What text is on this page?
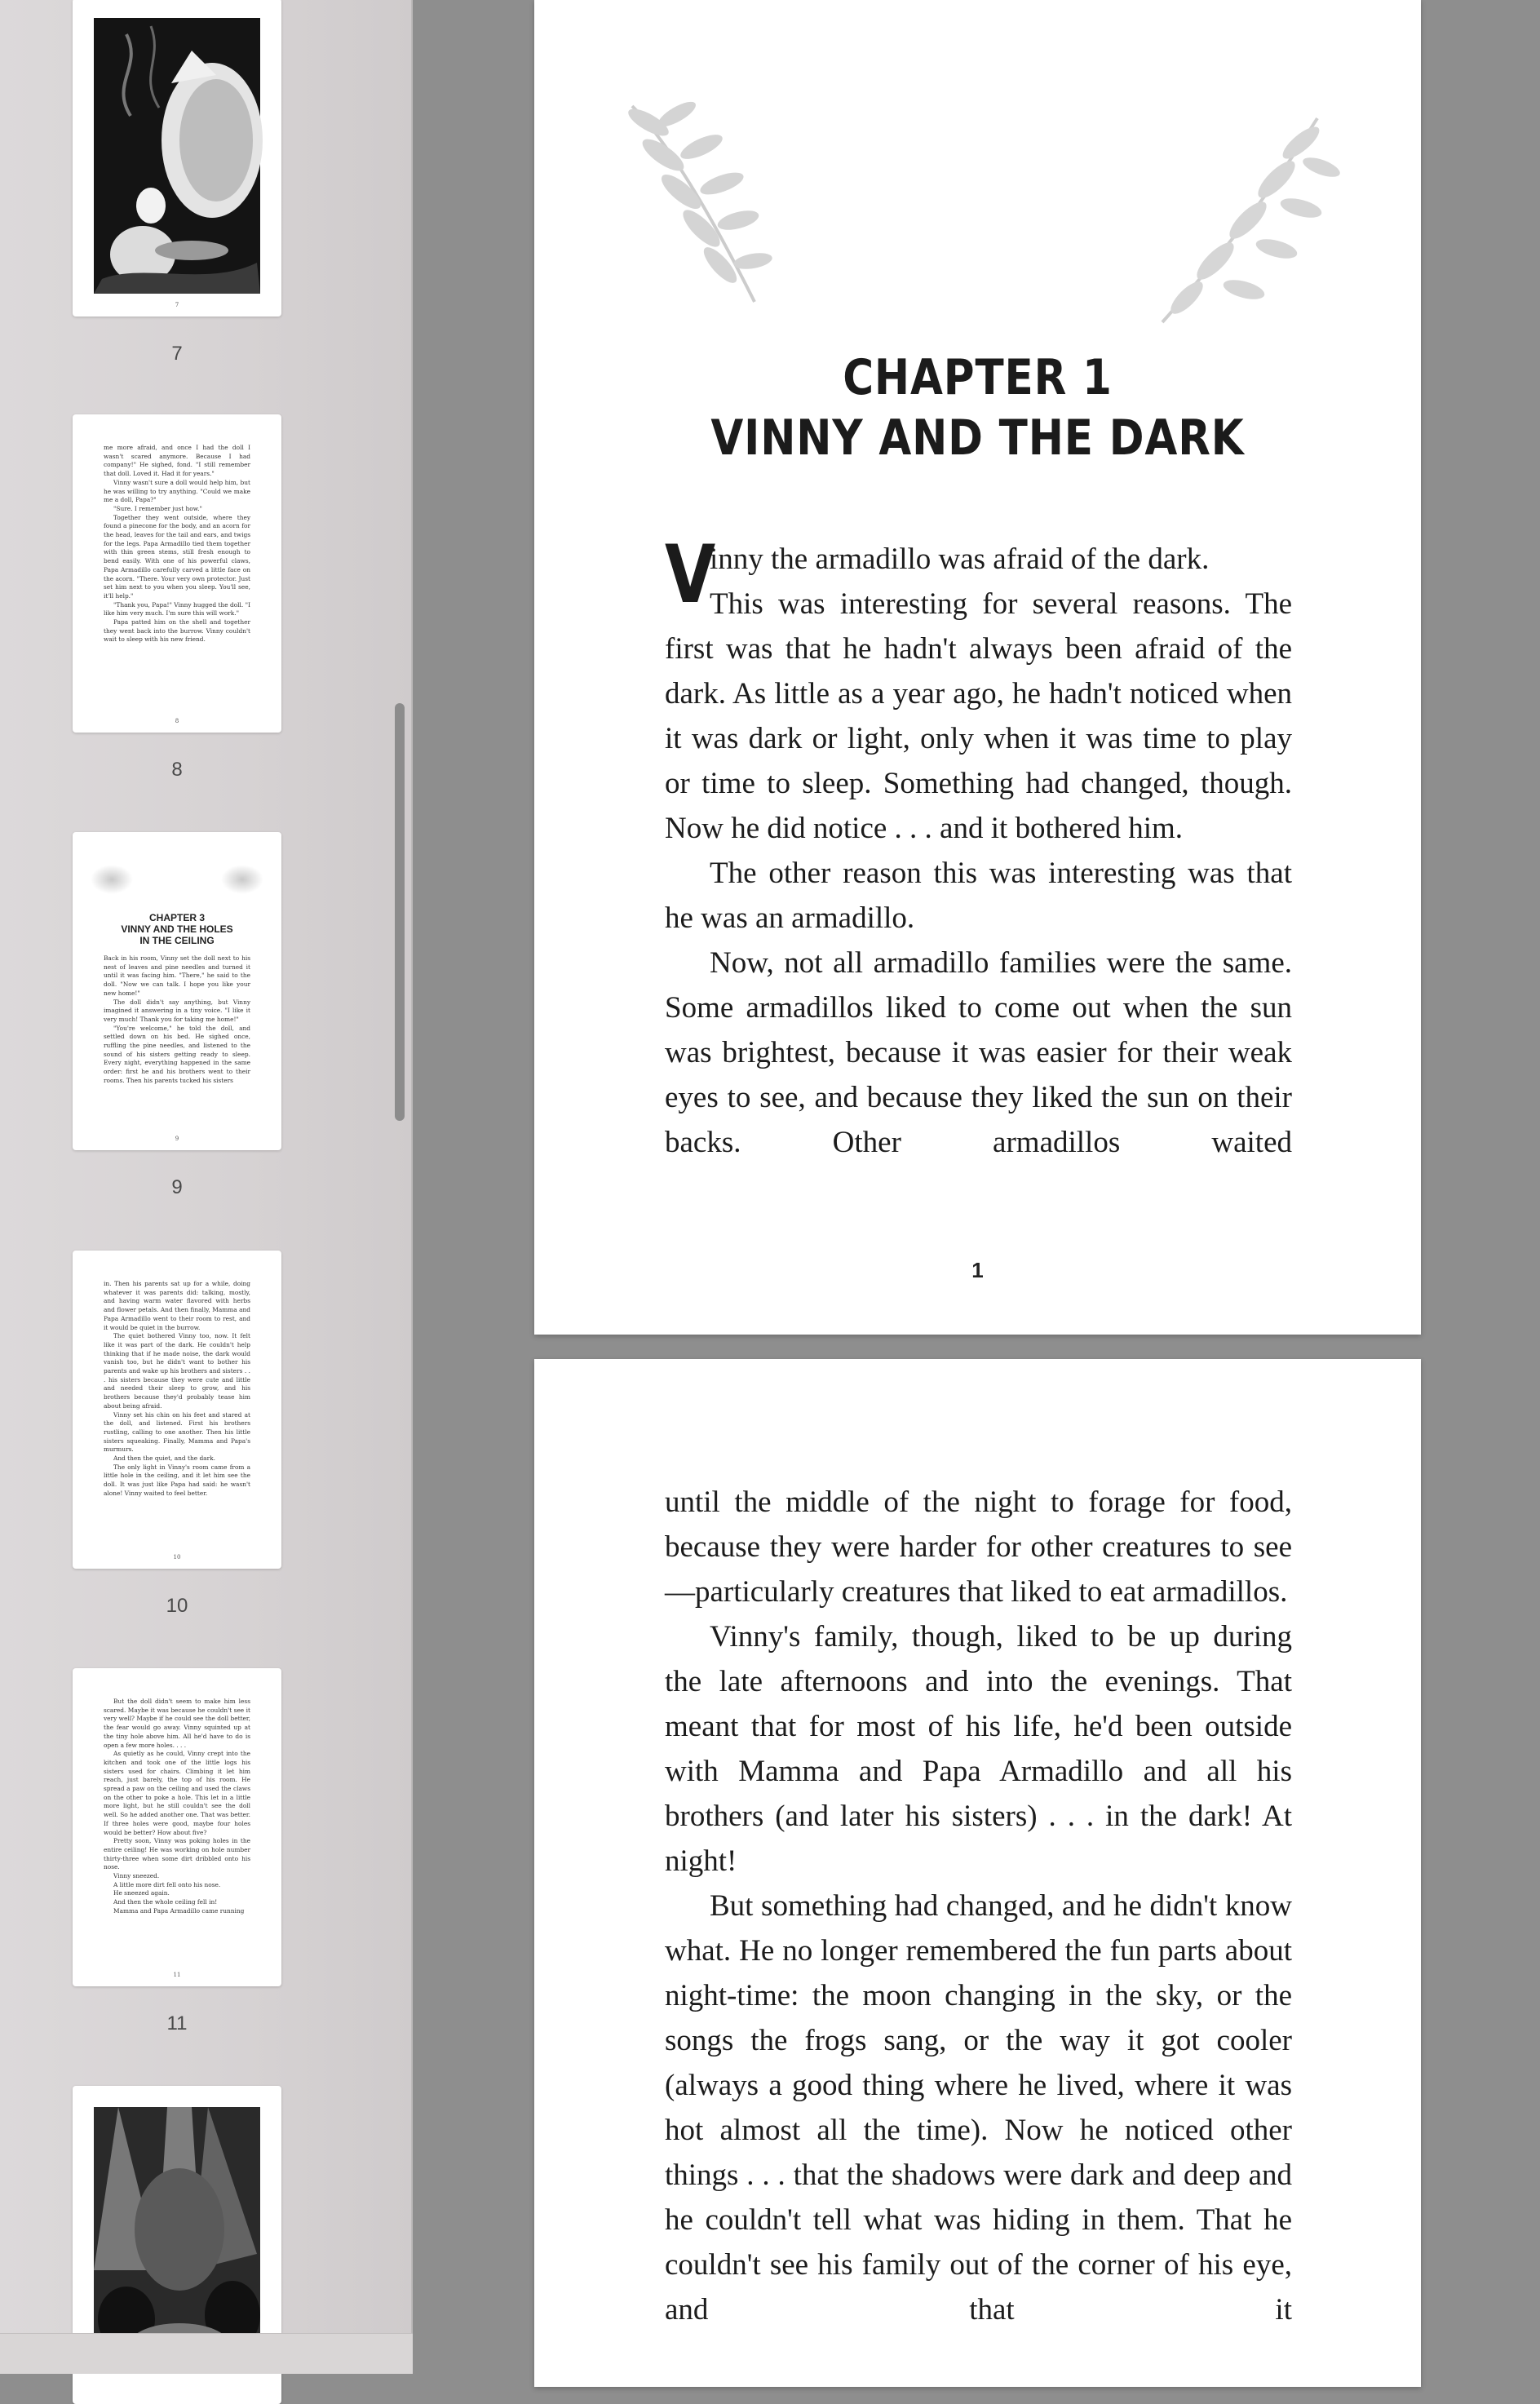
7
7

me more afraid, and once I had the doll I wasn't scared anymore. Because I had company!" He sighed, fond. "I still remember that doll. Loved it. Had it for years."

Vinny wasn't sure a doll would help him, but he was willing to try anything. "Could we make me a doll, Papa?"

"Sure. I remember just how."

Together they went outside, where they found a pinecone for the body, and an acorn for the head, leaves for the tail and ears, and twigs for the legs. Papa Armadillo tied them together with thin green stems, still fresh enough to bend easily. With one of his powerful claws, Papa Armadillo carefully carved a little face on the acorn. "There. Your very own protector. Just set him next to you when you sleep. You'll see, it'll help."

"Thank you, Papa!" Vinny hugged the doll. "I like him very much. I'm sure this will work."

Papa patted him on the shell and together they went back into the burrow. Vinny couldn't wait to sleep with his new friend.

8
8
CHAPTER 3
VINNY AND THE HOLES
IN THE CEILING

Back in his room, Vinny set the doll next to his nest of leaves and pine needles and turned it until it was facing him. "There," he said to the doll. "Now we can talk. I hope you like your new home!"

The doll didn't say anything, but Vinny imagined it answering in a tiny voice. "I like it very much! Thank you for taking me home!"

"You're welcome," he told the doll, and settled down on his bed. He sighed once, ruffling the pine needles, and listened to the sound of his sisters getting ready to sleep. Every night, everything happened in the same order: first he and his brothers went to their rooms. Then his parents tucked his sisters

9
9

in. Then his parents sat up for a while, doing whatever it was parents did: talking, mostly, and having warm water flavored with herbs and flower petals. And then finally, Mamma and Papa Armadillo went to their room to rest, and it would be quiet in the burrow.

The quiet bothered Vinny too, now. It felt like it was part of the dark. He couldn't help thinking that if he made noise, the dark would vanish too, but he didn't want to bother his parents and wake up his brothers and sisters . . . his sisters because they were cute and little and needed their sleep to grow, and his brothers because they'd probably tease him about being afraid.

Vinny set his chin on his feet and stared at the doll, and listened. First his brothers rustling, calling to one another. Then his little sisters squeaking. Finally, Mamma and Papa's murmurs.

And then the quiet, and the dark.

The only light in Vinny's room came from a little hole in the ceiling, and it let him see the doll. It was just like Papa had said: he wasn't alone! Vinny waited to feel better.

10
10

But the doll didn't seem to make him less scared. Maybe it was because he couldn't see it very well? Maybe if he could see the doll better, the fear would go away. Vinny squinted up at the tiny hole above him. All he'd have to do is open a few more holes. . . .

As quietly as he could, Vinny crept into the kitchen and took one of the little logs his sisters used for chairs. Climbing it let him reach, just barely, the top of his room. He spread a paw on the ceiling and used the claws on the other to poke a hole. This let in a little more light, but he still couldn't see the doll well. So he added another one. That was better. If three holes were good, maybe four holes would be better? How about five?

Pretty soon, Vinny was poking holes in the entire ceiling! He was working on hole number thirty-three when some dirt dribbled onto his nose.

Vinny sneezed.

A little more dirt fell onto his nose.

He sneezed again.

And then the whole ceiling fell in!

Mamma and Papa Armadillo came running

11
11
CHAPTER 1
VINNY AND THE DARK

V
inny the armadillo was afraid of the dark.

This was interesting for several reasons. The first was that he hadn't always been afraid of the dark. As little as a year ago, he hadn't noticed when it was dark or light, only when it was time to play or time to sleep. Something had changed, though. Now he did notice . . . and it bothered him.

The other reason this was interesting was that he was an armadillo.

Now, not all armadillo families were the same. Some armadillos liked to come out when the sun was brightest, because it was easier for their weak eyes to see, and because they liked the sun on their backs. Other armadillos waited

1

until the middle of the night to forage for food, because they were harder for other creatures to see—particularly creatures that liked to eat armadillos.

Vinny's family, though, liked to be up during the late afternoons and into the evenings. That meant that for most of his life, he'd been outside with Mamma and Papa Armadillo and all his brothers (and later his sisters) . . . in the dark! At night!

But something had changed, and he didn't know what. He no longer remembered the fun parts about night-time: the moon changing in the sky, or the songs the frogs sang, or the way it got cooler (always a good thing where he lived, where it was hot almost all the time). Now he noticed other things . . . that the shadows were dark and deep and he couldn't tell what was hiding in them. That he couldn't see his family out of the corner of his eye, and that it
